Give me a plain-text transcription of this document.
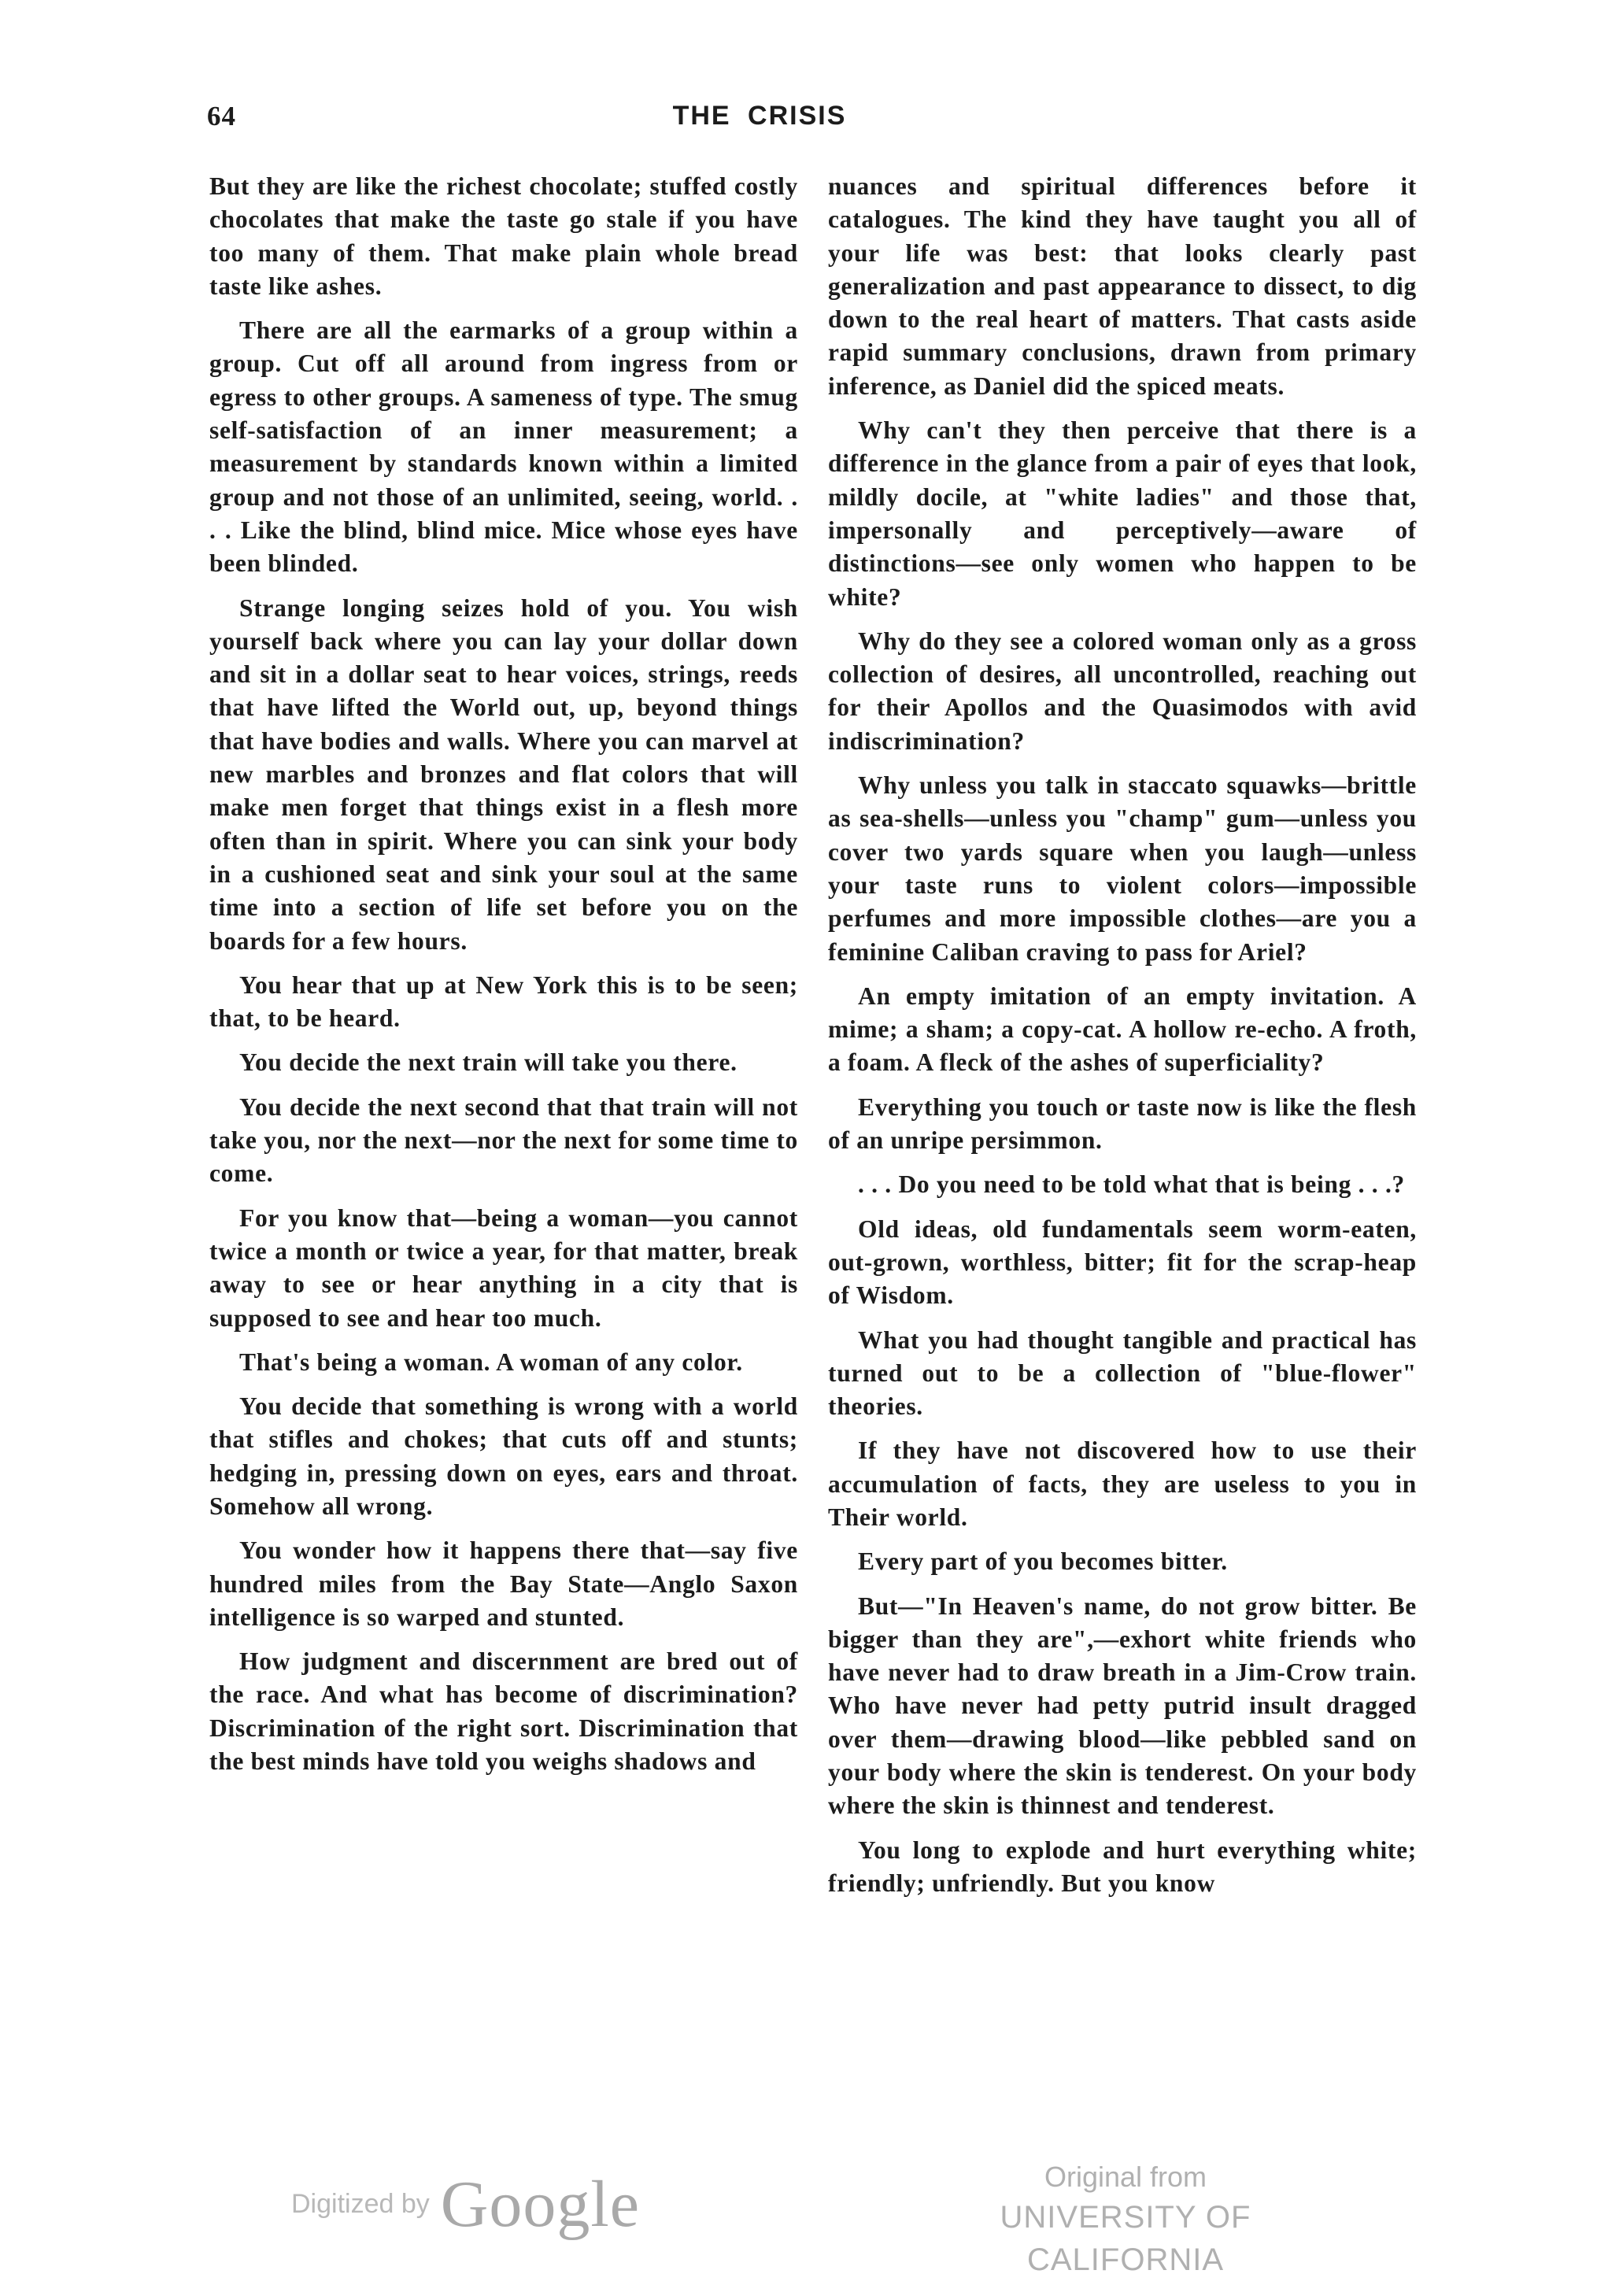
64	THE CRISIS

But they are like the richest chocolate; stuffed costly chocolates that make the taste go stale if you have too many of them. That make plain whole bread taste like ashes.

There are all the earmarks of a group within a group. Cut off all around from ingress from or egress to other groups. A sameness of type. The smug self-satisfaction of an inner measurement; a measurement by standards known within a limited group and not those of an unlimited, seeing, world. . . . Like the blind, blind mice. Mice whose eyes have been blinded.

Strange longing seizes hold of you. You wish yourself back where you can lay your dollar down and sit in a dollar seat to hear voices, strings, reeds that have lifted the World out, up, beyond things that have bodies and walls. Where you can marvel at new marbles and bronzes and flat colors that will make men forget that things exist in a flesh more often than in spirit. Where you can sink your body in a cushioned seat and sink your soul at the same time into a section of life set before you on the boards for a few hours.

You hear that up at New York this is to be seen; that, to be heard.

You decide the next train will take you there.

You decide the next second that that train will not take you, nor the next—nor the next for some time to come.

For you know that—being a woman—you cannot twice a month or twice a year, for that matter, break away to see or hear anything in a city that is supposed to see and hear too much.

That's being a woman. A woman of any color.

You decide that something is wrong with a world that stifles and chokes; that cuts off and stunts; hedging in, pressing down on eyes, ears and throat. Somehow all wrong.

You wonder how it happens there that—say five hundred miles from the Bay State—Anglo Saxon intelligence is so warped and stunted.

How judgment and discernment are bred out of the race. And what has become of discrimination? Discrimination of the right sort. Discrimination that the best minds have told you weighs shadows and

nuances and spiritual differences before it catalogues. The kind they have taught you all of your life was best: that looks clearly past generalization and past appearance to dissect, to dig down to the real heart of matters. That casts aside rapid summary conclusions, drawn from primary inference, as Daniel did the spiced meats.

Why can't they then perceive that there is a difference in the glance from a pair of eyes that look, mildly docile, at "white ladies" and those that, impersonally and perceptively—aware of distinctions—see only women who happen to be white?

Why do they see a colored woman only as a gross collection of desires, all uncontrolled, reaching out for their Apollos and the Quasimodos with avid indiscrimination?

Why unless you talk in staccato squawks—brittle as sea-shells—unless you "champ" gum—unless you cover two yards square when you laugh—unless your taste runs to violent colors—impossible perfumes and more impossible clothes—are you a feminine Caliban craving to pass for Ariel?

An empty imitation of an empty invitation. A mime; a sham; a copy-cat. A hollow re-echo. A froth, a foam. A fleck of the ashes of superficiality?

Everything you touch or taste now is like the flesh of an unripe persimmon.

. . . Do you need to be told what that is being . . .?

Old ideas, old fundamentals seem worm-eaten, out-grown, worthless, bitter; fit for the scrap-heap of Wisdom.

What you had thought tangible and practical has turned out to be a collection of "blue-flower" theories.

If they have not discovered how to use their accumulation of facts, they are useless to you in Their world.

Every part of you becomes bitter.

But—"In Heaven's name, do not grow bitter. Be bigger than they are",—exhort white friends who have never had to draw breath in a Jim-Crow train. Who have never had petty putrid insult dragged over them—drawing blood—like pebbled sand on your body where the skin is tenderest. On your body where the skin is thinnest and tenderest.

You long to explode and hurt everything white; friendly; unfriendly. But you know

Digitized by Google	Original from
UNIVERSITY OF CALIFORNIA
